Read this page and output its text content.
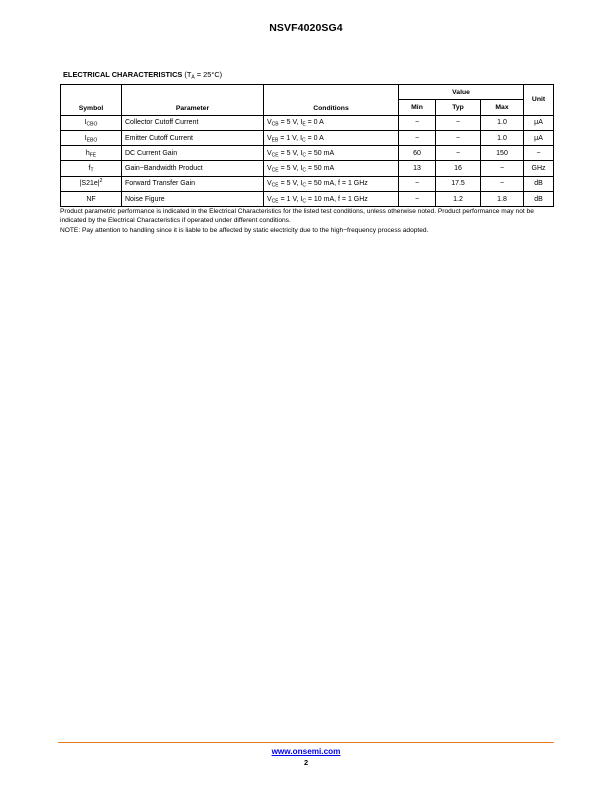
NSVF4020SG4
ELECTRICAL CHARACTERISTICS $(T_A = 25^\circ C)$
Symbol	Parameter	Conditions	Value			Unit
			Min	Typ	Max	
$I_{CBO}$	Collector Cutoff Current	$V_{CB} = 5$ V, $I_E = 0$ A	−	−	1.0	μA
$I_{EBO}$	Emitter Cutoff Current	$V_{EB} = 1$ V, $I_C = 0$ A	−	−	1.0	μA
$h_{FE}$	DC Current Gain	$V_{CE} = 5$ V, $I_C = 50$ mA	60	−	150	−
$f_T$	Gain−Bandwidth Product	$V_{CE} = 5$ V, $I_C = 50$ mA	13	16	−	GHz
$|S21e|^2$	Forward Transfer Gain	$V_{CE} = 5$ V, $I_C = 50$ mA, f = 1 GHz	−	17.5	−	dB
NF	Noise Figure	$V_{CE} = 1$ V, $I_C = 10$ mA, f = 1 GHz	−	1.2	1.8	dB

Product parametric performance is indicated in the Electrical Characteristics for the listed test conditions, unless otherwise noted. Product performance may not be indicated by the Electrical Characteristics if operated under different conditions.

NOTE: Pay attention to handling since it is liable to be affected by static electricity due to the high−frequency process adopted.

www.onsemi.com
2
